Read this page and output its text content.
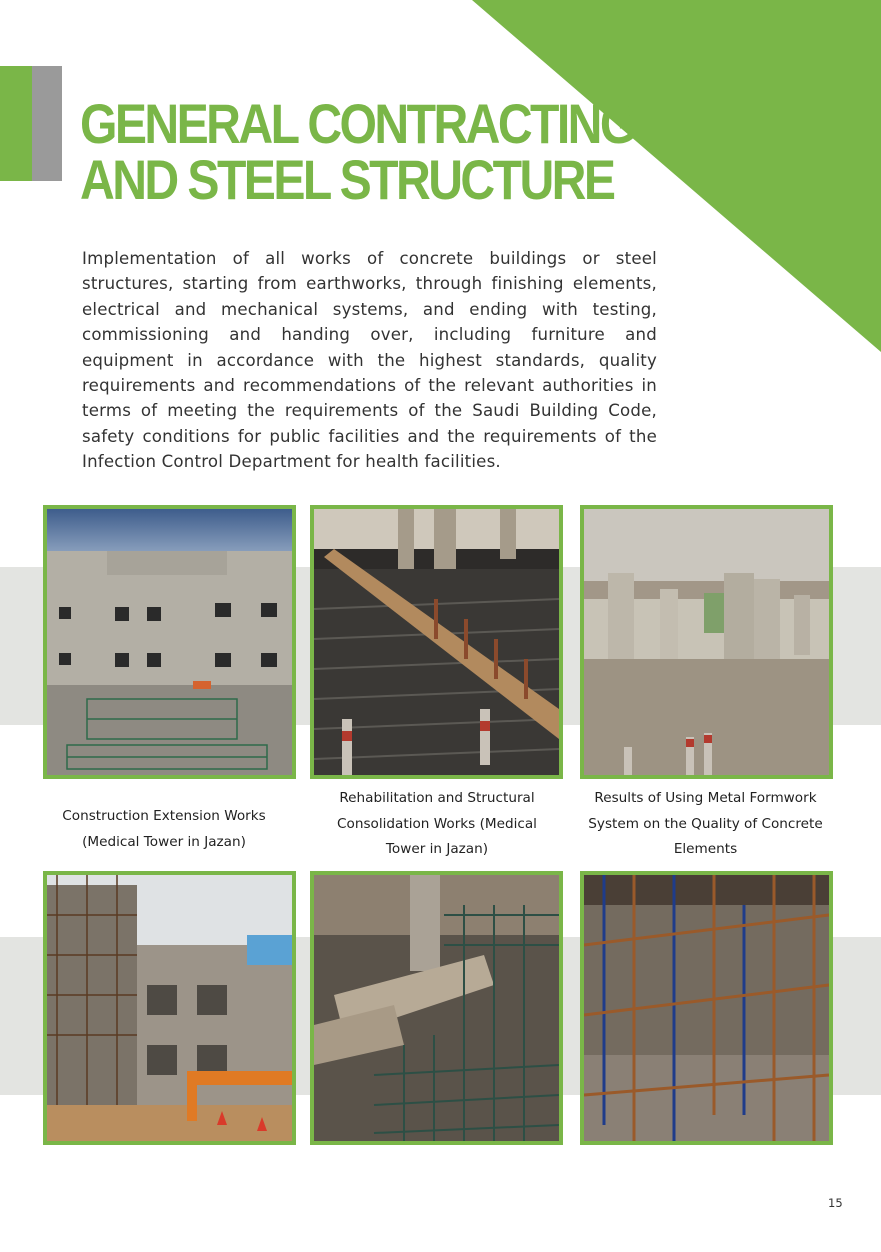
GENERAL CONTRACTING
AND STEEL STRUCTURE

Implementation of all works of concrete buildings or steel structures, starting from earthworks, through finishing elements, electrical and mechanical systems, and ending with testing, commissioning and handing over, including furniture and equipment in accordance with the highest standards, quality requirements and recommendations of the relevant authorities in terms of meeting the requirements of the Saudi Building Code, safety conditions for public facilities and the requirements of the Infection Control Department for health facilities.

Construction Extension Works (Medical Tower in Jazan)

Rehabilitation and Structural Consolidation Works (Medical Tower in Jazan)

Results of Using Metal Formwork System on the Quality of Concrete Elements

15
